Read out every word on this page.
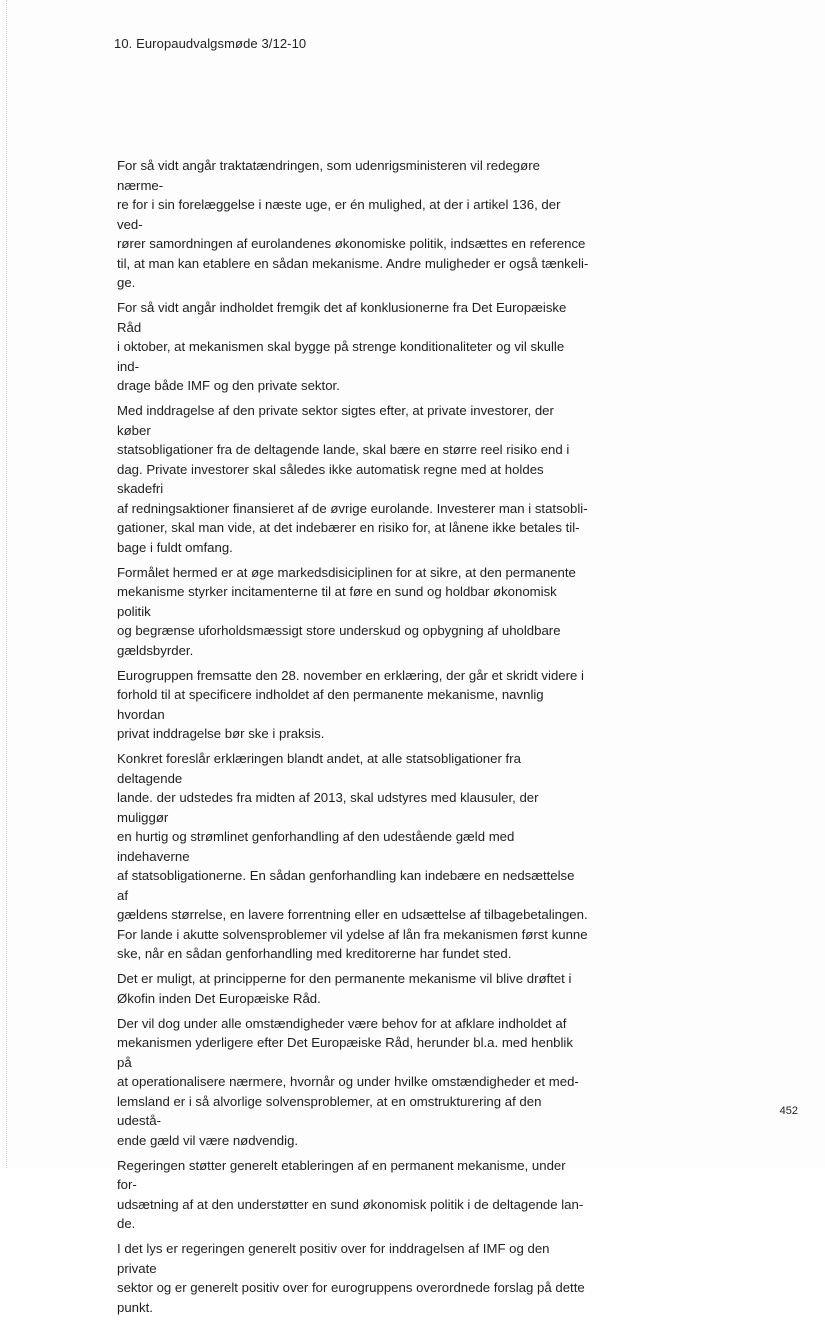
10. Europaudvalgsmøde 3/12-10

For så vidt angår traktatændringen, som udenrigsministeren vil redegøre nærme-
re for i sin forelæggelse i næste uge, er én mulighed, at der i artikel 136, der ved-
rører samordningen af eurolandenes økonomiske politik, indsættes en reference
til, at man kan etablere en sådan mekanisme. Andre muligheder er også tænkeli-
ge.

For så vidt angår indholdet fremgik det af konklusionerne fra Det Europæiske Råd
i oktober, at mekanismen skal bygge på strenge konditionaliteter og vil skulle ind-
drage både IMF og den private sektor.

Med inddragelse af den private sektor sigtes efter, at private investorer, der køber
statsobligationer fra de deltagende lande, skal bære en større reel risiko end i
dag. Private investorer skal således ikke automatisk regne med at holdes skadefri
af redningsaktioner finansieret af de øvrige eurolande. Investerer man i statsobli-
gationer, skal man vide, at det indebærer en risiko for, at lånene ikke betales til-
bage i fuldt omfang.

Formålet hermed er at øge markedsdisiciplinen for at sikre, at den permanente
mekanisme styrker incitamenterne til at føre en sund og holdbar økonomisk politik
og begrænse uforholdsmæssigt store underskud og opbygning af uholdbare
gældsbyrder.

Eurogruppen fremsatte den 28. november en erklæring, der går et skridt videre i
forhold til at specificere indholdet af den permanente mekanisme, navnlig hvordan
privat inddragelse bør ske i praksis.

Konkret foreslår erklæringen blandt andet, at alle statsobligationer fra deltagende
lande. der udstedes fra midten af 2013, skal udstyres med klausuler, der muliggør
en hurtig og strømlinet genforhandling af den udestående gæld med indehaverne
af statsobligationerne. En sådan genforhandling kan indebære en nedsættelse af
gældens størrelse, en lavere forrentning eller en udsættelse af tilbagebetalingen.
For lande i akutte solvensproblemer vil ydelse af lån fra mekanismen først kunne
ske, når en sådan genforhandling med kreditorerne har fundet sted.

Det er muligt, at principperne for den permanente mekanisme vil blive drøftet i
Økofin inden Det Europæiske Råd.

Der vil dog under alle omstændigheder være behov for at afklare indholdet af
mekanismen yderligere efter Det Europæiske Råd, herunder bl.a. med henblik på
at operationalisere nærmere, hvornår og under hvilke omstændigheder et med-
lemsland er i så alvorlige solvensproblemer, at en omstrukturering af den udestå-
ende gæld vil være nødvendig.

Regeringen støtter generelt etableringen af en permanent mekanisme, under for-
udsætning af at den understøtter en sund økonomisk politik i de deltagende lan-
de.

I det lys er regeringen generelt positiv over for inddragelsen af IMF og den private
sektor og er generelt positiv over for eurogruppens overordnede forslag på dette
punkt.

452
